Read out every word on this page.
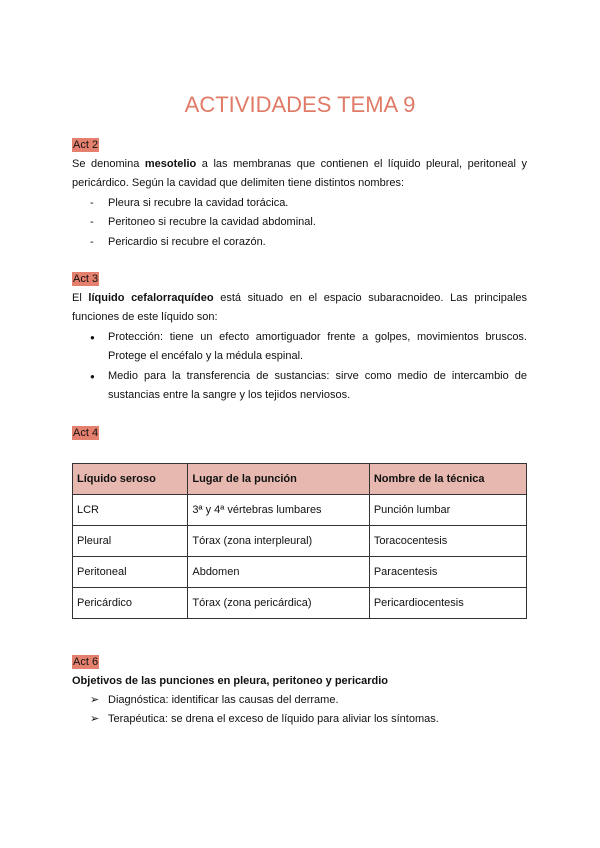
ACTIVIDADES TEMA 9
Act 2
Se denomina mesotelio a las membranas que contienen el líquido pleural, peritoneal y pericárdico. Según la cavidad que delimiten tiene distintos nombres:
- Pleura si recubre la cavidad torácica.
- Peritoneo si recubre la cavidad abdominal.
- Pericardio si recubre el corazón.
Act 3
El líquido cefalorraquídeo está situado en el espacio subaracnoideo. Las principales funciones de este líquido son:
● Protección: tiene un efecto amortiguador frente a golpes, movimientos bruscos. Protege el encéfalo y la médula espinal.
● Medio para la transferencia de sustancias: sirve como medio de intercambio de sustancias entre la sangre y los tejidos nerviosos.
Act 4
Líquido seroso	Lugar de la punción	Nombre de la técnica
LCR	3ª y 4ª vértebras lumbares	Punción lumbar
Pleural	Tórax (zona interpleural)	Toracocentesis
Peritoneal	Abdomen	Paracentesis
Pericárdico	Tórax (zona pericárdica)	Pericardiocentesis
Act 6
Objetivos de las punciones en pleura, peritoneo y pericardio
➢ Diagnóstica: identificar las causas del derrame.
➢ Terapéutica: se drena el exceso de líquido para aliviar los síntomas.
